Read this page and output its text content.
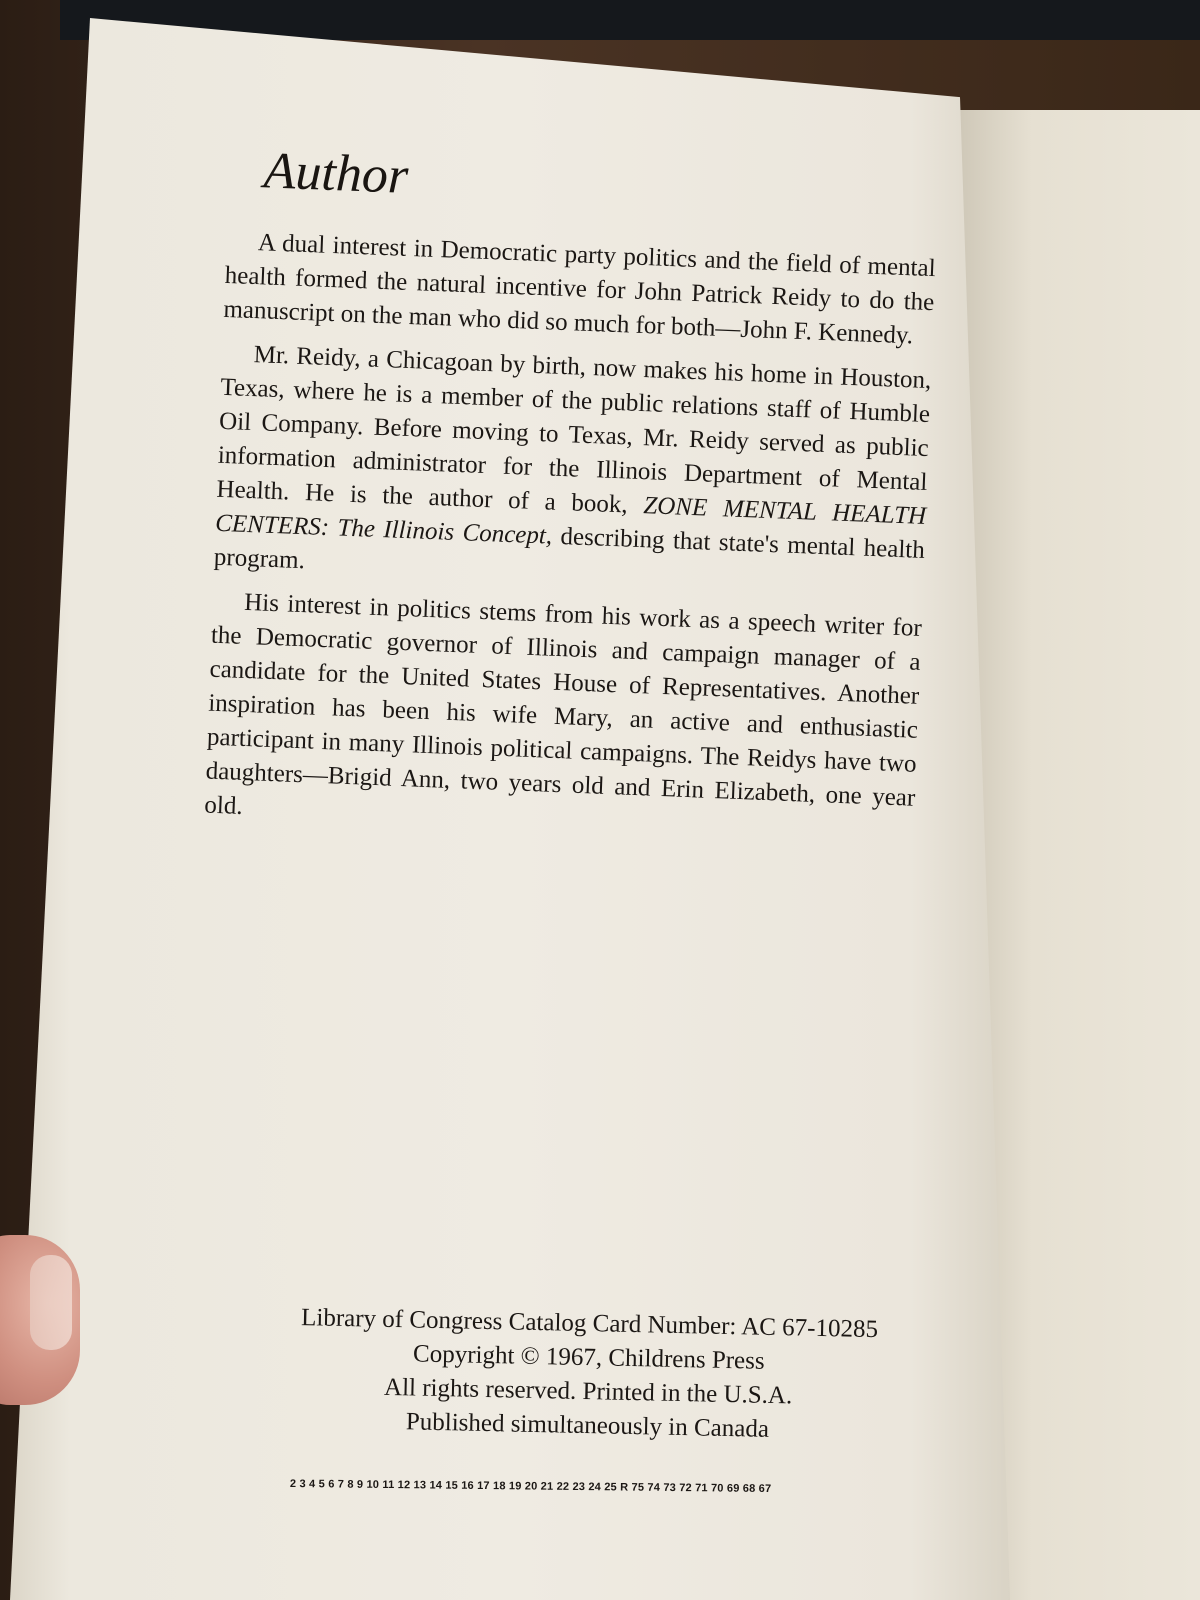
Author

A dual interest in Democratic party politics and the field of mental health formed the natural incentive for John Patrick Reidy to do the manuscript on the man who did so much for both—John F. Kennedy.

Mr. Reidy, a Chicagoan by birth, now makes his home in Houston, Texas, where he is a member of the public relations staff of Humble Oil Company. Before moving to Texas, Mr. Reidy served as public information administrator for the Illinois Department of Mental Health. He is the author of a book, ZONE MENTAL HEALTH CENTERS: The Illinois Concept, describing that state's mental health program.

His interest in politics stems from his work as a speech writer for the Democratic governor of Illinois and campaign manager of a candidate for the United States House of Representatives. Another inspiration has been his wife Mary, an active and enthusiastic participant in many Illinois political campaigns. The Reidys have two daughters—Brigid Ann, two years old and Erin Elizabeth, one year old.

Library of Congress Catalog Card Number: AC 67-10285
Copyright © 1967, Childrens Press
All rights reserved. Printed in the U.S.A.
Published simultaneously in Canada
2 3 4 5 6 7 8 9 10 11 12 13 14 15 16 17 18 19 20 21 22 23 24 25 R 75 74 73 72 71 70 69 68 67
